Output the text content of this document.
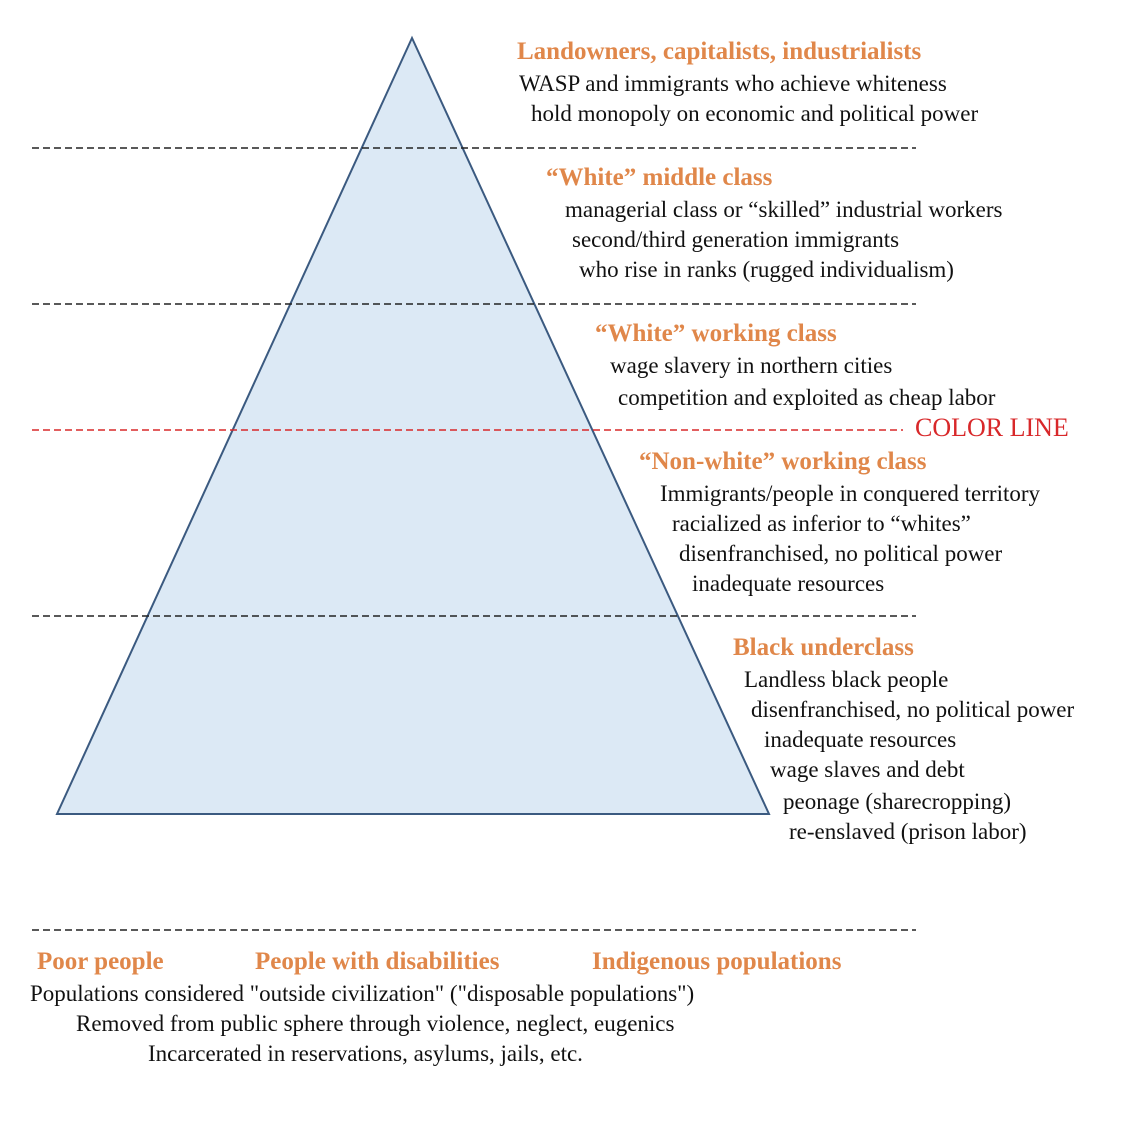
Landowners, capitalists, industrialists
WASP and immigrants who achieve whiteness
hold monopoly on economic and political power
“White” middle class
managerial class or “skilled” industrial workers
second/third generation immigrants
who rise in ranks (rugged individualism)
“White” working class
wage slavery in northern cities
competition and exploited as cheap labor
COLOR LINE
“Non-white” working class
Immigrants/people in conquered territory
racialized as inferior to “whites”
disenfranchised, no political power
inadequate resources
Black underclass
Landless black people
disenfranchised, no political power
inadequate resources
wage slaves and debt
peonage (sharecropping)
re-enslaved (prison labor)
Poor people	People with disabilities	Indigenous populations
Populations considered "outside civilization" ("disposable populations")
Removed from public sphere through violence, neglect, eugenics
Incarcerated in reservations, asylums, jails, etc.
